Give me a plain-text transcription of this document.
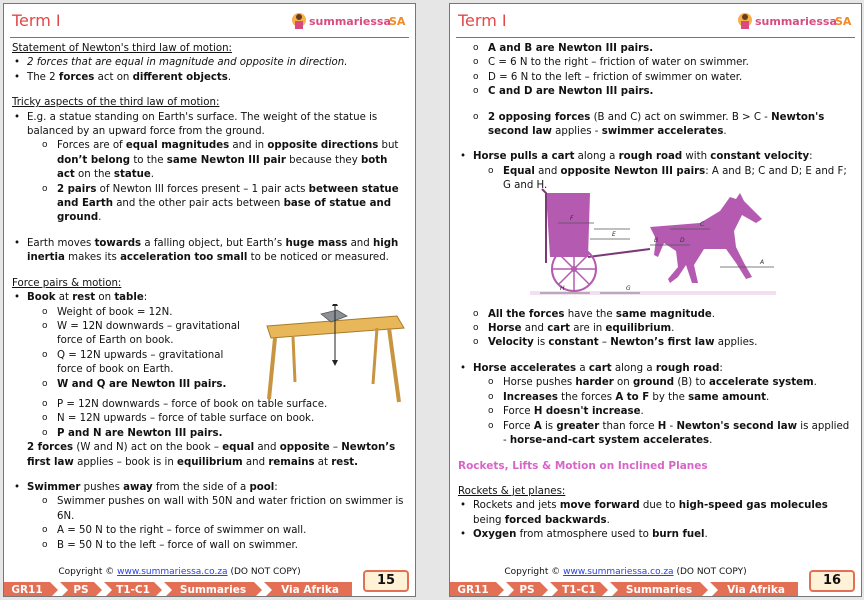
Term I	summariessa
SA

Statement of Newton's third law of motion:

• 2 forces that are equal in magnitude and opposite in direction.
• The 2 forces act on different objects.

Tricky aspects of the third law of motion:

• E.g. a statue standing on Earth's surface. The weight of the statue is balanced by an upward force from the ground.
o Forces are of equal magnitudes and in opposite directions but don’t belong to the same Newton III pair because they both act on the statue.
o 2 pairs of Newton III forces present – 1 pair acts between statue and Earth and the other pair acts between base of statue and ground.
• Earth moves towards a falling object, but Earth’s huge mass and high inertia makes its acceleration too small to be noticed or measured.

Force pairs & motion:

• Book at rest on table:
o Weight of book = 12N.
o W = 12N downwards – gravitational force of Earth on book.
o Q = 12N upwards – gravitational force of book on Earth.
o W and Q are Newton III pairs.
o P = 12N downwards – force of book on table surface.
o N = 12N upwards – force of table surface on book.
o P and N are Newton III pairs.

2 forces (W and N) act on the book – equal and opposite – Newton’s first law applies – book is in equilibrium and remains at rest.

• Swimmer pushes away from the side of a pool:
o Swimmer pushes on wall with 50N and water friction on swimmer is 6N.
o A = 50 N to the right – force of swimmer on wall.
o B = 50 N to the left – force of wall on swimmer.
Copyright © www.summariessa.co.za (DO NOT COPY)
15
GR11	PS	T1-C1	Summaries	Via Afrika
Term I	summariessa
SA
o A and B are Newton III pairs.
o C = 6 N to the right – friction of water on swimmer.
o D = 6 N to the left – friction of swimmer on water.
o C and D are Newton III pairs.
o 2 opposing forces (B and C) act on swimmer. B > C - Newton's second law applies - swimmer accelerates.
• Horse pulls a cart along a rough road with constant velocity:
o Equal and opposite Newton III pairs: A and B; C and D; E and F; G and H.
o All the forces have the same magnitude.
o Horse and cart are in equilibrium.
o Velocity is constant – Newton’s first law applies.
• Horse accelerates a cart along a rough road:
o Horse pushes harder on ground (B) to accelerate system.
o Increases the forces A to F by the same amount.
o Force H doesn't increase.
o Force A is greater than force H - Newton's second law is applied - horse-and-cart system accelerates.

Rockets, Lifts & Motion on Inclined Planes

Rockets & jet planes:

• Rockets and jets move forward due to high-speed gas molecules being forced backwards.
• Oxygen from atmosphere used to burn fuel.
F
E
C
D
B
A
G
H
Copyright © www.summariessa.co.za (DO NOT COPY)
16
GR11	PS	T1-C1	Summaries	Via Afrika
